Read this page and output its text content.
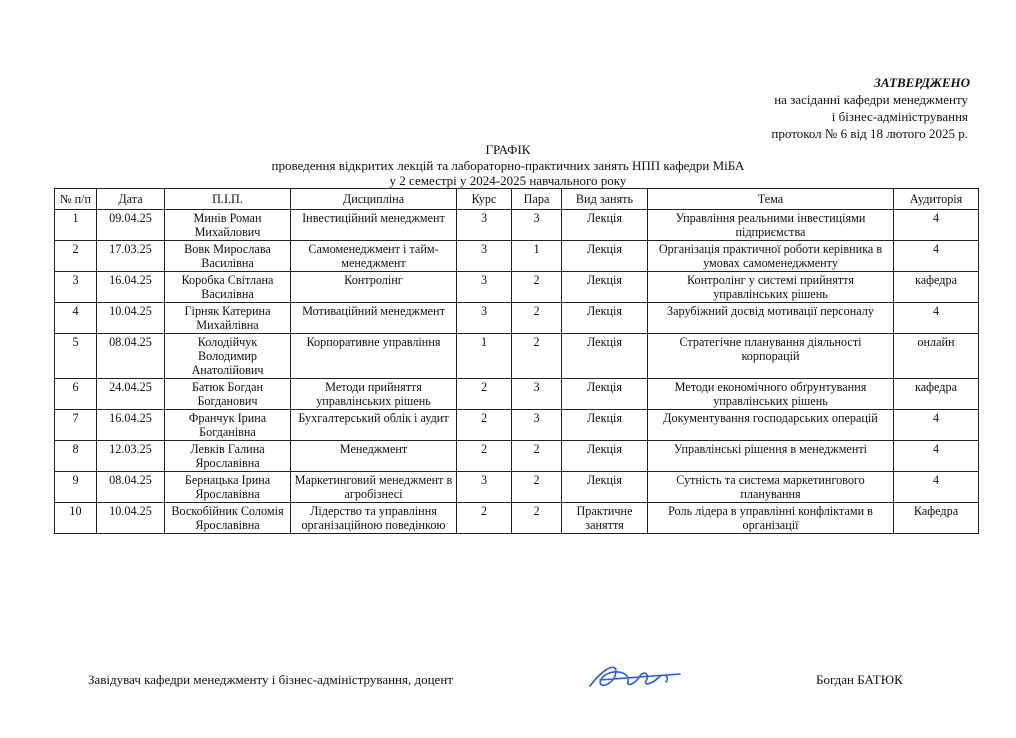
ЗАТВЕРДЖЕНО
на засіданні кафедри менеджменту
і бізнес-адміністрування
протокол № 6 від 18 лютого 2025 р.
ГРАФІК
проведення відкритих лекцій та лабораторно-практичних занять НПП кафедри МіБА
у 2 семестрі у 2024-2025 навчального року
№ п/п	Дата	П.І.П.	Дисципліна	Курс	Пара	Вид занять	Тема	Аудиторія
1	09.04.25	Минів Роман Михайлович	Інвестиційний менеджмент	3	3	Лекція	Управління реальними інвестиціями підприємства	4
2	17.03.25	Вовк Мирослава Василівна	Самоменеджмент і тайм-менеджмент	3	1	Лекція	Організація практичної роботи керівника в умовах самоменеджменту	4
3	16.04.25	Коробка Світлана Василівна	Контролінг	3	2	Лекція	Контролінг у системі прийняття управлінських рішень	кафедра
4	10.04.25	Гірняк Катерина Михайлівна	Мотиваційний менеджмент	3	2	Лекція	Зарубіжний досвід мотивації персоналу	4
5	08.04.25	Колодійчук Володимир Анатолійович	Корпоративне управління	1	2	Лекція	Стратегічне планування діяльності корпорацій	онлайн
6	24.04.25	Батюк Богдан Богданович	Методи прийняття управлінських рішень	2	3	Лекція	Методи економічного обґрунтування управлінських рішень	кафедра
7	16.04.25	Франчук Ірина Богданівна	Бухгалтерський облік і аудит	2	3	Лекція	Документування господарських операцій	4
8	12.03.25	Левків Галина Ярославівна	Менеджмент	2	2	Лекція	Управлінські рішення в менеджменті	4
9	08.04.25	Бернацька Ірина Ярославівна	Маркетинговий менеджмент в агробізнесі	3	2	Лекція	Сутність та система маркетингового планування	4
10	10.04.25	Воскобійник Соломія Ярославівна	Лідерство та управління організаційною поведінкою	2	2	Практичне заняття	Роль лідера в управлінні конфліктами в організації	Кафедра
Завідувач кафедри менеджменту і бізнес-адміністрування, доцент	Богдан БАТЮК
